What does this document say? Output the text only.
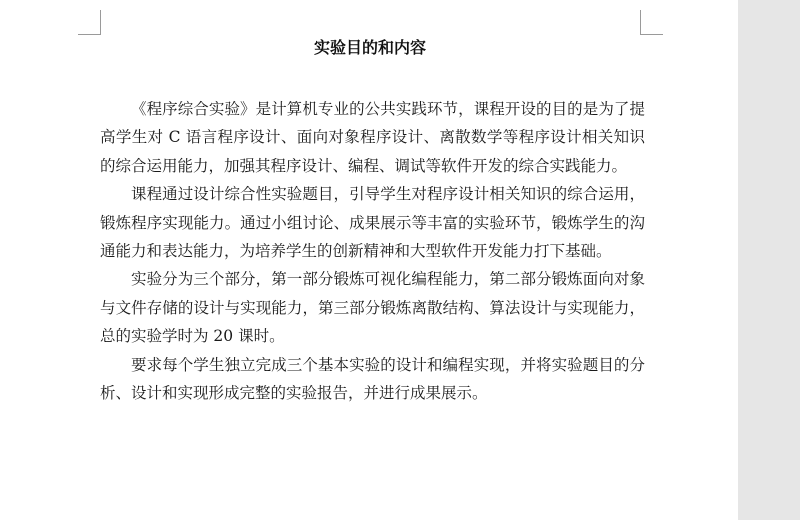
实验目的和内容

《程序综合实验》是计算机专业的公共实践环节，课程开设的目的是为了提高学生对 C 语言程序设计、面向对象程序设计、离散数学等程序设计相关知识的综合运用能力，加强其程序设计、编程、调试等软件开发的综合实践能力。

课程通过设计综合性实验题目，引导学生对程序设计相关知识的综合运用，锻炼程序实现能力。通过小组讨论、成果展示等丰富的实验环节，锻炼学生的沟通能力和表达能力，为培养学生的创新精神和大型软件开发能力打下基础。

实验分为三个部分，第一部分锻炼可视化编程能力，第二部分锻炼面向对象与文件存储的设计与实现能力，第三部分锻炼离散结构、算法设计与实现能力，总的实验学时为 20 课时。

要求每个学生独立完成三个基本实验的设计和编程实现，并将实验题目的分析、设计和实现形成完整的实验报告，并进行成果展示。
